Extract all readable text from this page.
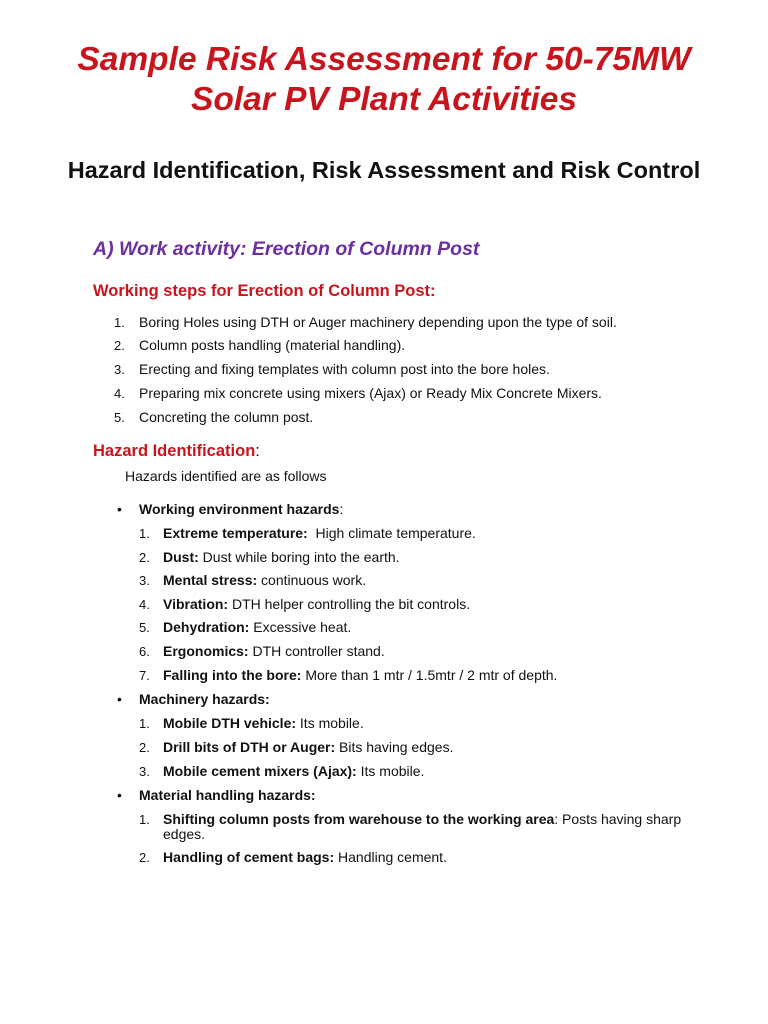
Sample Risk Assessment for 50-75MW Solar PV Plant Activities
Hazard Identification, Risk Assessment and Risk Control
A) Work activity: Erection of Column Post
Working steps for Erection of Column Post:
1.	Boring Holes using DTH or Auger machinery depending upon the type of soil.
2.	Column posts handling (material handling).
3.	Erecting and fixing templates with column post into the bore holes.
4.	Preparing mix concrete using mixers (Ajax) or Ready Mix Concrete Mixers.
5.	Concreting the column post.
Hazard Identification:

Hazards identified are as follows

• Working environment hazards:
1. Extreme temperature:  High climate temperature.
2. Dust: Dust while boring into the earth.
3. Mental stress: continuous work.
4. Vibration: DTH helper controlling the bit controls.
5. Dehydration: Excessive heat.
6. Ergonomics: DTH controller stand.
7. Falling into the bore: More than 1 mtr / 1.5mtr / 2 mtr of depth.
• Machinery hazards:
1. Mobile DTH vehicle: Its mobile.
2. Drill bits of DTH or Auger: Bits having edges.
3. Mobile cement mixers (Ajax): Its mobile.
• Material handling hazards:
1. Shifting column posts from warehouse to the working area: Posts having sharp
edges.
2. Handling of cement bags: Handling cement.
